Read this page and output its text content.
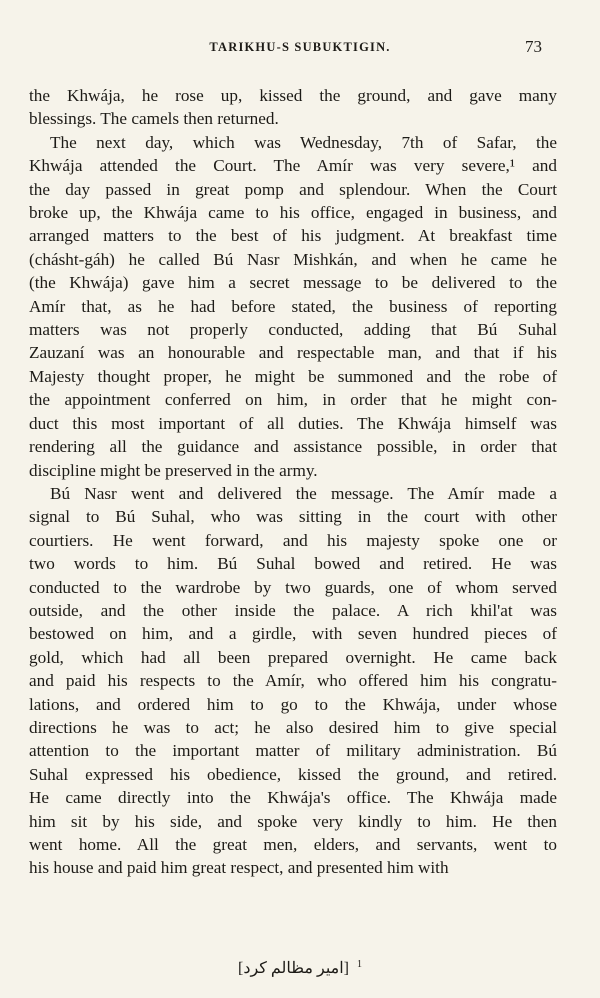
TARIKHU-S SUBUKTIGIN.	73

the Khwája, he rose up, kissed the ground, and gave many
blessings. The camels then returned.

The next day, which was Wednesday, 7th of Safar, the
Khwája attended the Court. The Amír was very severe,¹ and
the day passed in great pomp and splendour. When the Court
broke up, the Khwája came to his office, engaged in business, and
arranged matters to the best of his judgment. At breakfast time
(chásht-gáh) he called Bú Nasr Mishkán, and when he came he
(the Khwája) gave him a secret message to be delivered to the
Amír that, as he had before stated, the business of reporting
matters was not properly conducted, adding that Bú Suhal
Zauzaní was an honourable and respectable man, and that if his
Majesty thought proper, he might be summoned and the robe of
the appointment conferred on him, in order that he might con-
duct this most important of all duties. The Khwája himself was
rendering all the guidance and assistance possible, in order that
discipline might be preserved in the army.

Bú Nasr went and delivered the message. The Amír made a
signal to Bú Suhal, who was sitting in the court with other
courtiers. He went forward, and his majesty spoke one or
two words to him. Bú Suhal bowed and retired. He was
conducted to the wardrobe by two guards, one of whom served
outside, and the other inside the palace. A rich khil'at was
bestowed on him, and a girdle, with seven hundred pieces of
gold, which had all been prepared overnight. He came back
and paid his respects to the Amír, who offered him his congratu-
lations, and ordered him to go to the Khwája, under whose
directions he was to act; he also desired him to give special
attention to the important matter of military administration. Bú
Suhal expressed his obedience, kissed the ground, and retired.
He came directly into the Khwája's office. The Khwája made
him sit by his side, and spoke very kindly to him. He then
went home. All the great men, elders, and servants, went to
his house and paid him great respect, and presented him with

[امیر مظالم کرد] $^1$
